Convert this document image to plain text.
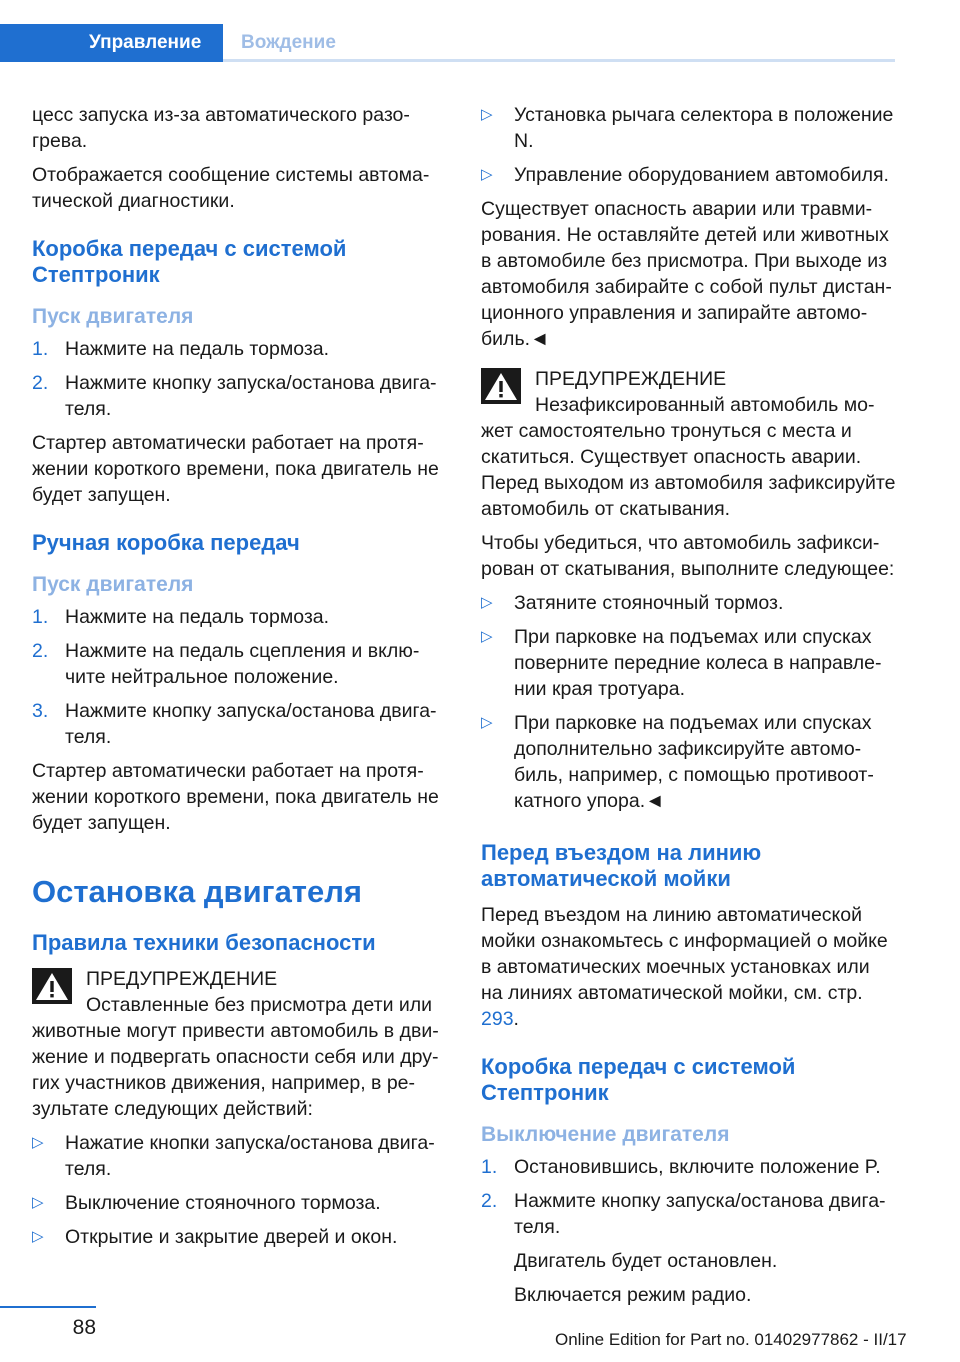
Управление	Вождение

цесс запуска из-за автоматического разогрева.

Отображается сообщение системы автоматической диагностики.

Коробка передач с системой Стептроник
Пуск двигателя
1. Нажмите на педаль тормоза.
2. Нажмите кнопку запуска/останова двигателя.

Стартер автоматически работает на протяжении короткого времени, пока двигатель не будет запущен.

Ручная коробка передач
Пуск двигателя
1. Нажмите на педаль тормоза.
2. Нажмите на педаль сцепления и включите нейтральное положение.
3. Нажмите кнопку запуска/останова двигателя.

Стартер автоматически работает на протяжении короткого времени, пока двигатель не будет запущен.

Остановка двигателя
Правила техники безопасности
ПРЕДУПРЕЖДЕНИЕ
Оставленные без присмотра дети или животные могут привести автомобиль в движение и подвергать опасности себя или других участников движения, например, в результате следующих действий:
▷ Нажатие кнопки запуска/останова двигателя.
▷ Выключение стояночного тормоза.
▷ Открытие и закрытие дверей и окон.
▷ Установка рычага селектора в положение N.
▷ Управление оборудованием автомобиля.

Существует опасность аварии или травмирования. Не оставляйте детей или животных в автомобиле без присмотра. При выходе из автомобиля забирайте с собой пульт дистанционного управления и запирайте автомобиль.◄

ПРЕДУПРЕЖДЕНИЕ
Незафиксированный автомобиль может самостоятельно тронуться с места и скатиться. Существует опасность аварии. Перед выходом из автомобиля зафиксируйте автомобиль от скатывания.

Чтобы убедиться, что автомобиль зафиксирован от скатывания, выполните следующее:

▷ Затяните стояночный тормоз.
▷ При парковке на подъемах или спусках поверните передние колеса в направлении края тротуара.
▷ При парковке на подъемах или спусках дополнительно зафиксируйте автомобиль, например, с помощью противооткатного упора.◄
Перед въездом на линию автоматической мойки

Перед въездом на линию автоматической мойки ознакомьтесь с информацией о мойке в автоматических моечных установках или на линиях автоматической мойки, см. стр. 293.

Коробка передач с системой Стептроник
Выключение двигателя
1. Остановившись, включите положение P.
2. Нажмите кнопку запуска/останова двигателя.
Двигатель будет остановлен.
Включается режим радио.
88
Online Edition for Part no. 01402977862 - II/17
